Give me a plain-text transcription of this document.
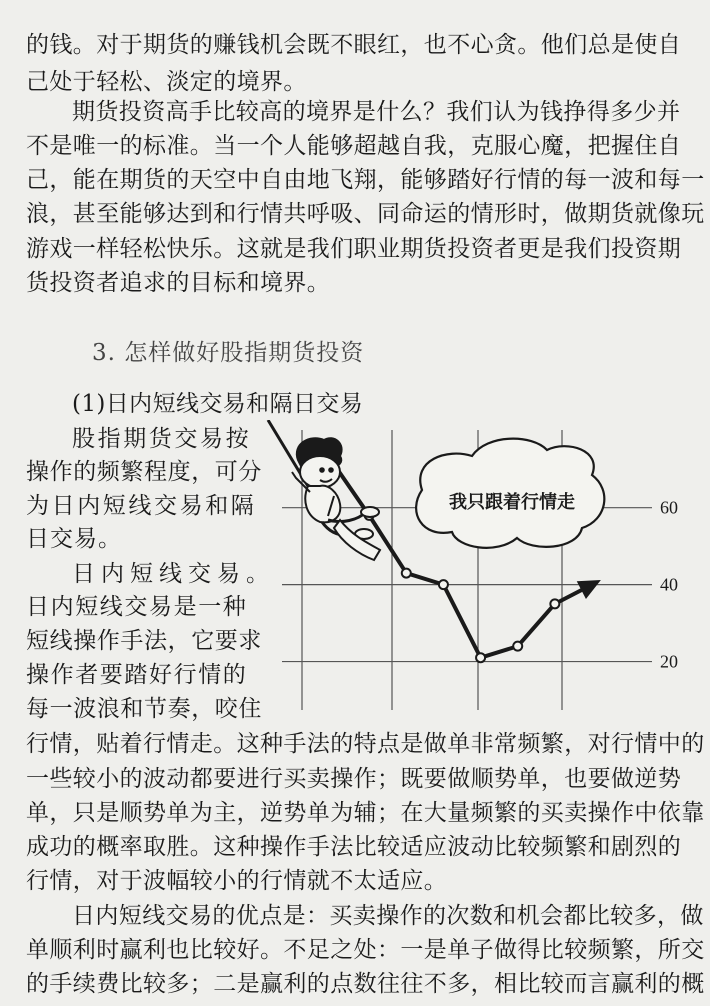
的钱。对于期货的赚钱机会既不眼红，也不心贪。他们总是使自
己处于轻松、淡定的境界。
期货投资高手比较高的境界是什么？我们认为钱挣得多少并
不是唯一的标准。当一个人能够超越自我，克服心魔，把握住自
己，能在期货的天空中自由地飞翔，能够踏好行情的每一波和每一
浪，甚至能够达到和行情共呼吸、同命运的情形时，做期货就像玩
游戏一样轻松快乐。这就是我们职业期货投资者更是我们投资期
货投资者追求的目标和境界。
3. 怎样做好股指期货投资
(1)日内短线交易和隔日交易
股指期货交易按
操作的频繁程度，可分
为日内短线交易和隔
日交易。
日内短线交易。
日内短线交易是一种
短线操作手法，它要求
操作者要踏好行情的
每一波浪和节奏，咬住
行情，贴着行情走。这种手法的特点是做单非常频繁，对行情中的
一些较小的波动都要进行买卖操作；既要做顺势单，也要做逆势
单，只是顺势单为主，逆势单为辅；在大量频繁的买卖操作中依靠
成功的概率取胜。这种操作手法比较适应波动比较频繁和剧烈的
行情，对于波幅较小的行情就不太适应。
日内短线交易的优点是：买卖操作的次数和机会都比较多，做
单顺利时赢利也比较好。不足之处：一是单子做得比较频繁，所交
的手续费比较多；二是赢利的点数往往不多，相比较而言赢利的概
20
40
60
我只跟着行情走
